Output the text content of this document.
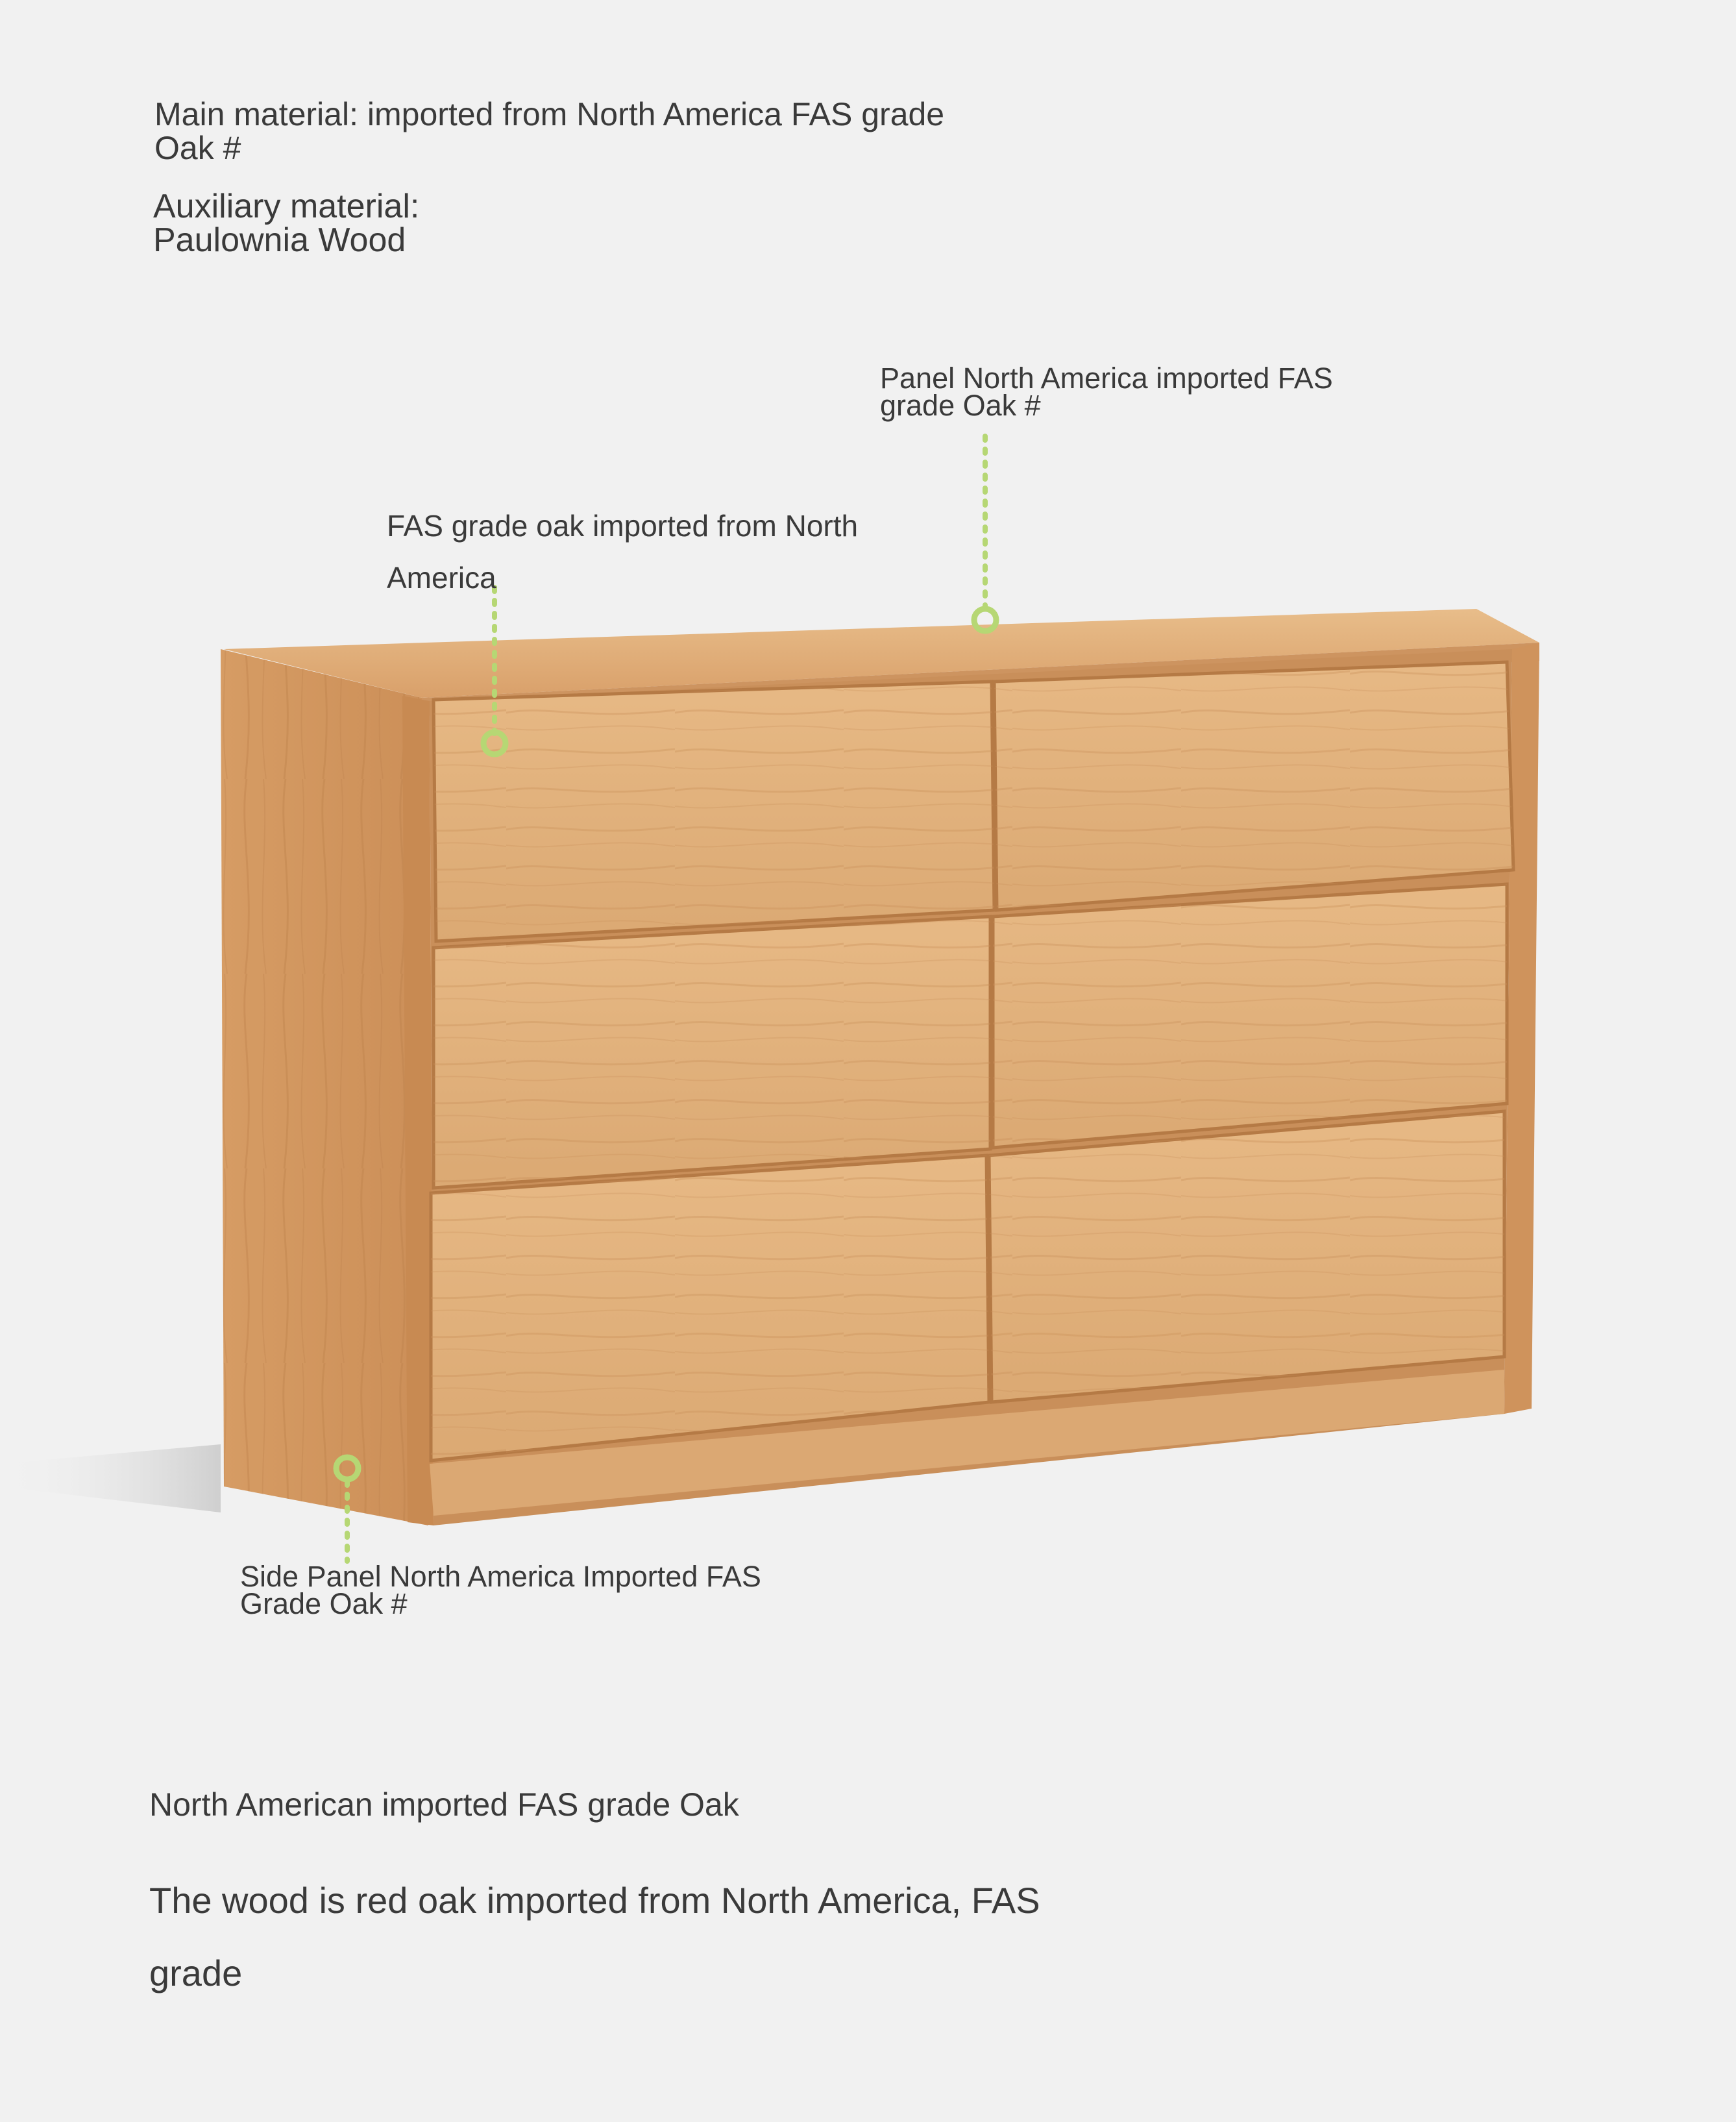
Main material: imported from North America FAS grade
Oak #
Auxiliary material:
Paulownia Wood
Panel North America imported FAS
grade Oak #
FAS grade oak imported from North
America
Side Panel North America Imported FAS
Grade Oak #
North American imported FAS grade Oak
The wood is red oak imported from North America, FAS
grade
